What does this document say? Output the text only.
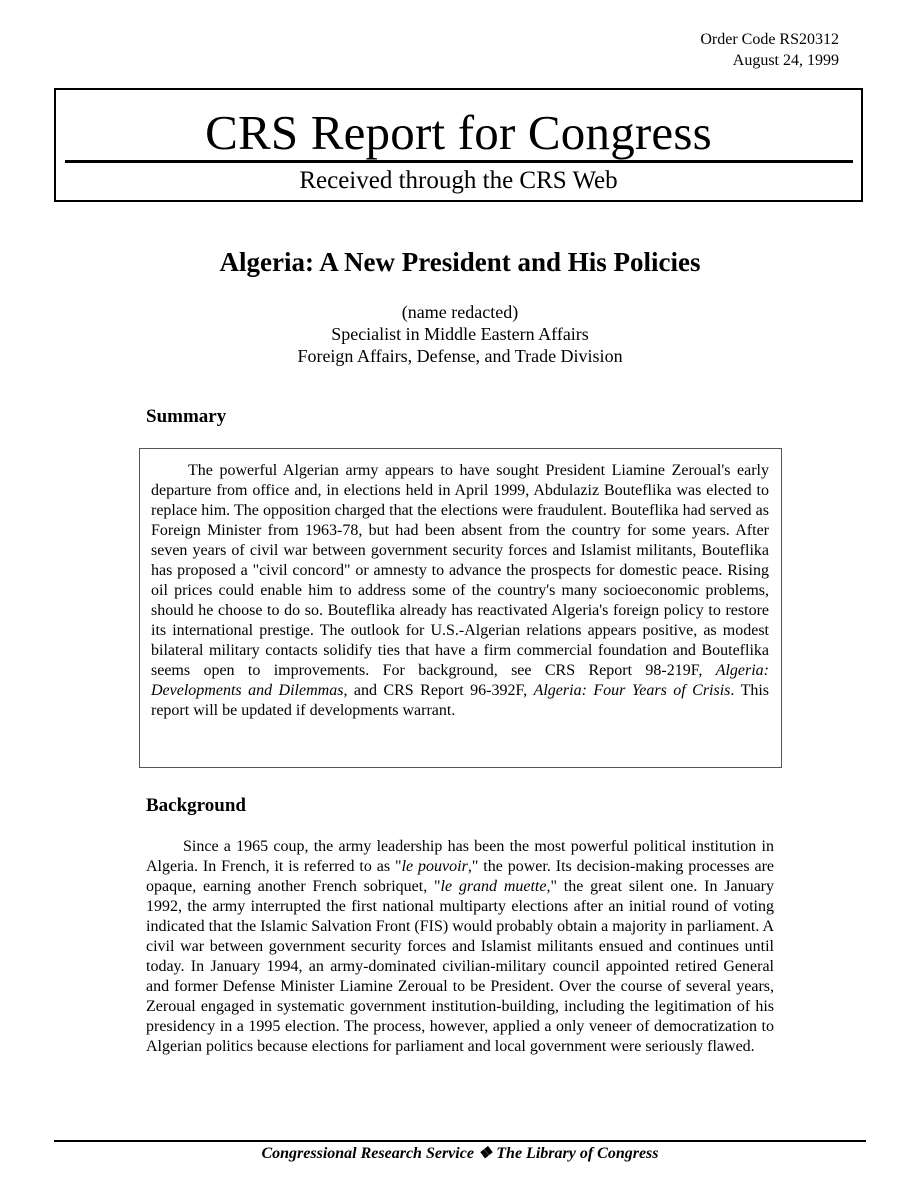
Order Code RS20312
August 24, 1999
CRS Report for Congress
Received through the CRS Web
Algeria: A New President and His Policies
(name redacted)
Specialist in Middle Eastern Affairs
Foreign Affairs, Defense, and Trade Division
Summary

The powerful Algerian army appears to have sought President Liamine Zeroual's early departure from office and, in elections held in April 1999, Abdulaziz Bouteflika was elected to replace him. The opposition charged that the elections were fraudulent. Bouteflika had served as Foreign Minister from 1963-78, but had been absent from the country for some years. After seven years of civil war between government security forces and Islamist militants, Bouteflika has proposed a "civil concord" or amnesty to advance the prospects for domestic peace. Rising oil prices could enable him to address some of the country's many socioeconomic problems, should he choose to do so. Bouteflika already has reactivated Algeria's foreign policy to restore its international prestige. The outlook for U.S.-Algerian relations appears positive, as modest bilateral military contacts solidify ties that have a firm commercial foundation and Bouteflika seems open to improvements. For background, see CRS Report 98-219F, Algeria: Developments and Dilemmas, and CRS Report 96-392F, Algeria: Four Years of Crisis. This report will be updated if developments warrant.

Background

Since a 1965 coup, the army leadership has been the most powerful political institution in Algeria. In French, it is referred to as "le pouvoir," the power. Its decision-making processes are opaque, earning another French sobriquet, "le grand muette," the great silent one. In January 1992, the army interrupted the first national multiparty elections after an initial round of voting indicated that the Islamic Salvation Front (FIS) would probably obtain a majority in parliament. A civil war between government security forces and Islamist militants ensued and continues until today. In January 1994, an army-dominated civilian-military council appointed retired General and former Defense Minister Liamine Zeroual to be President. Over the course of several years, Zeroual engaged in systematic government institution-building, including the legitimation of his presidency in a 1995 election. The process, however, applied a only veneer of democratization to Algerian politics because elections for parliament and local government were seriously flawed.

Congressional Research Service ❖ The Library of Congress
